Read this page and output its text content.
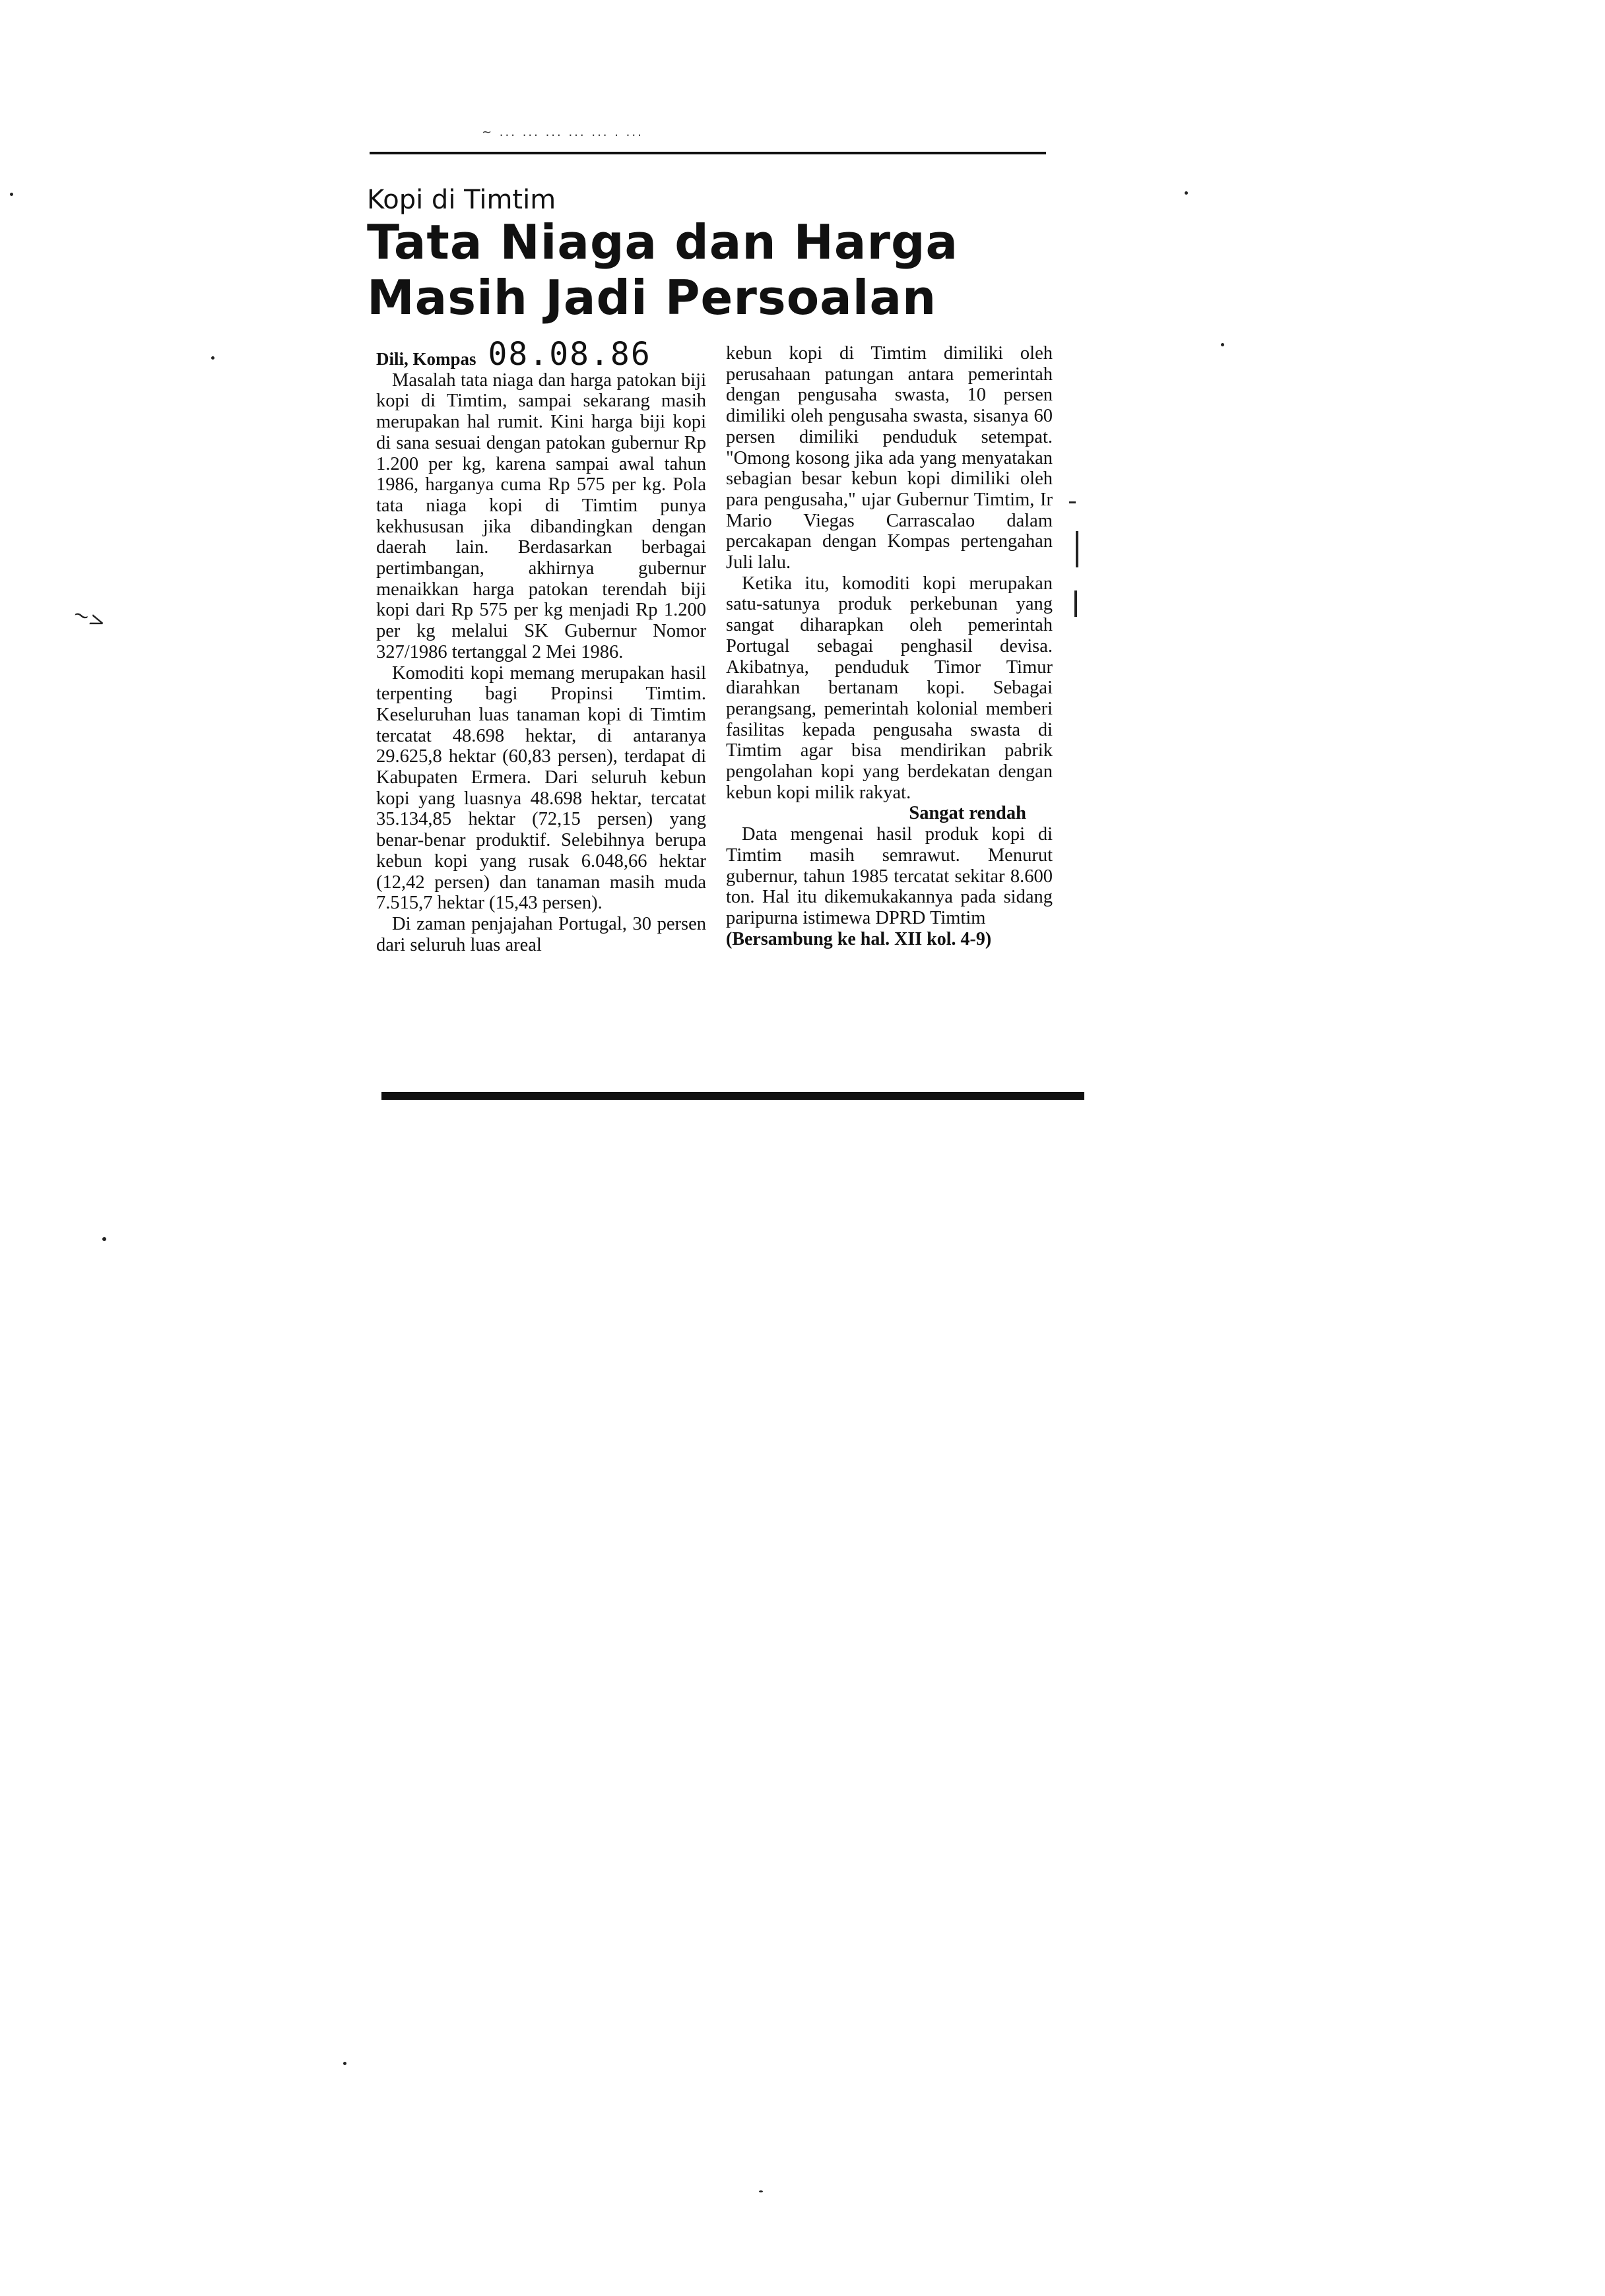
~ ... ... ... ... ... . ...
Kopi di Timtim
Tata Niaga dan Harga
Masih Jadi Persoalan
Dili, Kompas 08.08.86

Masalah tata niaga dan harga patokan biji kopi di Timtim, sampai sekarang masih merupakan hal rumit. Kini harga biji kopi di sana sesuai dengan patokan gubernur Rp 1.200 per kg, karena sampai awal tahun 1986, harganya cuma Rp 575 per kg. Pola tata niaga kopi di Timtim punya kekhususan jika dibandingkan dengan daerah lain. Berdasarkan berbagai pertimbangan, akhirnya gubernur menaikkan harga patokan terendah biji kopi dari Rp 575 per kg menjadi Rp 1.200 per kg melalui SK Gubernur Nomor 327/1986 tertanggal 2 Mei 1986.

Komoditi kopi memang merupakan hasil terpenting bagi Propinsi Timtim. Keseluruhan luas tanaman kopi di Timtim tercatat 48.698 hektar, di antaranya 29.625,8 hektar (60,83 persen), terdapat di Kabupaten Ermera. Dari seluruh kebun kopi yang luasnya 48.698 hektar, tercatat 35.134,85 hektar (72,15 persen) yang benar-benar produktif. Selebihnya berupa kebun kopi yang rusak 6.048,66 hektar (12,42 persen) dan tanaman masih muda 7.515,7 hektar (15,43 persen).

Di zaman penjajahan Portugal, 30 persen dari seluruh luas areal

kebun kopi di Timtim dimiliki oleh perusahaan patungan antara pemerintah dengan pengusaha swasta, 10 persen dimiliki oleh pengusaha swasta, sisanya 60 persen dimiliki penduduk setempat. "Omong kosong jika ada yang menyatakan sebagian besar kebun kopi dimiliki oleh para pengusaha," ujar Gubernur Timtim, Ir Mario Viegas Carrascalao dalam percakapan dengan Kompas pertengahan Juli lalu.

Ketika itu, komoditi kopi merupakan satu-satunya produk perkebunan yang sangat diharapkan oleh pemerintah Portugal sebagai penghasil devisa. Akibatnya, penduduk Timor Timur diarahkan bertanam kopi. Sebagai perangsang, pemerintah kolonial memberi fasilitas kepada pengusaha swasta di Timtim agar bisa mendirikan pabrik pengolahan kopi yang berdekatan dengan kebun kopi milik rakyat.

Sangat rendah

Data mengenai hasil produk kopi di Timtim masih semrawut. Menurut gubernur, tahun 1985 tercatat sekitar 8.600 ton. Hal itu dikemukakannya pada sidang paripurna istimewa DPRD Timtim

(Bersambung ke hal. XII kol. 4-9)

~>
